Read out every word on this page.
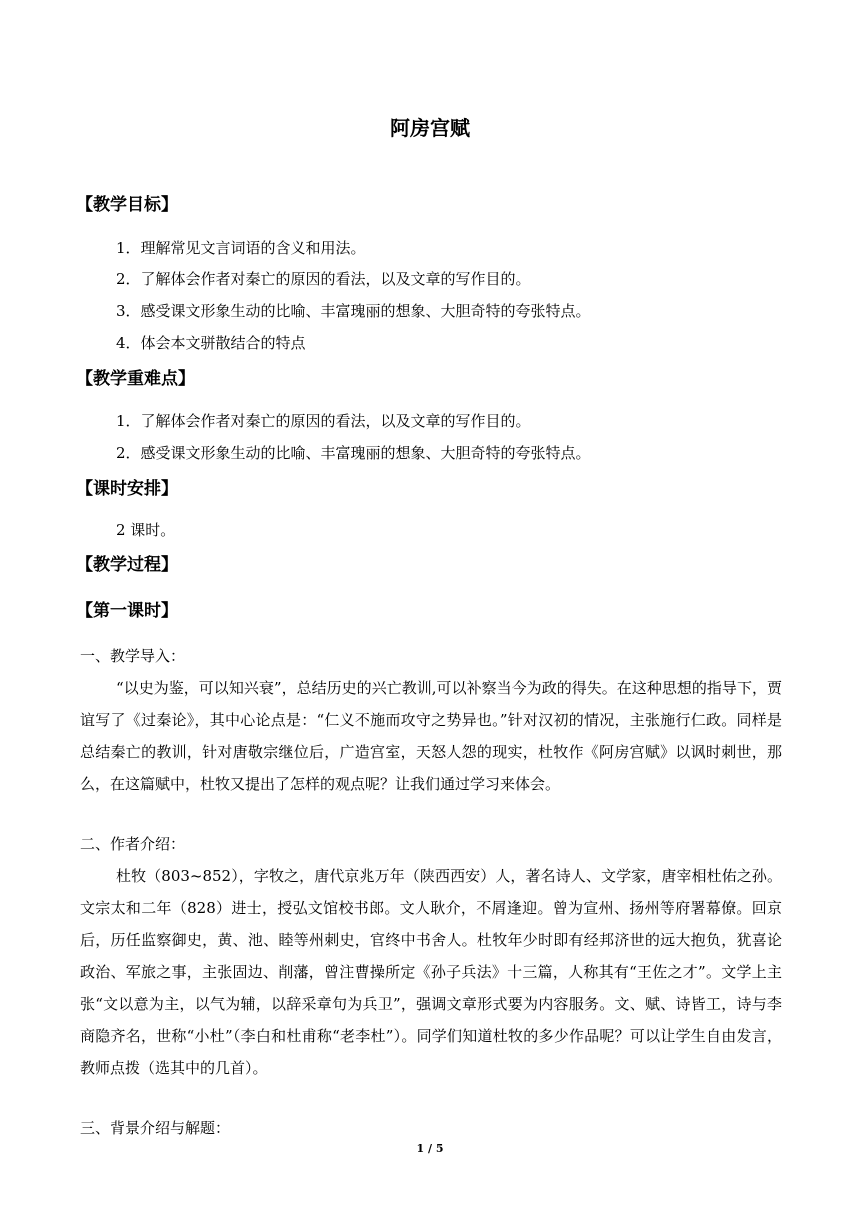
阿房宫赋
【教学目标】
1．理解常见文言词语的含义和用法。
2．了解体会作者对秦亡的原因的看法，以及文章的写作目的。
3．感受课文形象生动的比喻、丰富瑰丽的想象、大胆奇特的夸张特点。
4．体会本文骈散结合的特点
【教学重难点】
1．了解体会作者对秦亡的原因的看法，以及文章的写作目的。
2．感受课文形象生动的比喻、丰富瑰丽的想象、大胆奇特的夸张特点。
【课时安排】
2 课时。
【教学过程】
【第一课时】
一、教学导入：
“以史为鉴，可以知兴衰”，总结历史的兴亡教训,可以补察当今为政的得失。在这种思想的指导下，贾谊写了《过秦论》，其中心论点是：“仁义不施而攻守之势异也。”针对汉初的情况，主张施行仁政。同样是总结秦亡的教训，针对唐敬宗继位后，广造宫室，天怒人怨的现实，杜牧作《阿房宫赋》以讽时刺世，那么，在这篇赋中，杜牧又提出了怎样的观点呢？让我们通过学习来体会。
二、作者介绍：
杜牧（803~852），字牧之，唐代京兆万年（陕西西安）人，著名诗人、文学家，唐宰相杜佑之孙。文宗太和二年（828）进士，授弘文馆校书郎。文人耿介，不屑逢迎。曾为宣州、扬州等府署幕僚。回京后，历任监察御史，黄、池、睦等州刺史，官终中书舍人。杜牧年少时即有经邦济世的远大抱负，犹喜论政治、军旅之事，主张固边、削藩，曾注曹操所定《孙子兵法》十三篇，人称其有“王佐之才”。文学上主张“文以意为主，以气为辅，以辞采章句为兵卫”，强调文章形式要为内容服务。文、赋、诗皆工，诗与李商隐齐名，世称“小杜”（李白和杜甫称“老李杜”）。同学们知道杜牧的多少作品呢？可以让学生自由发言，教师点拨（选其中的几首）。
三、背景介绍与解题：
1 / 5
